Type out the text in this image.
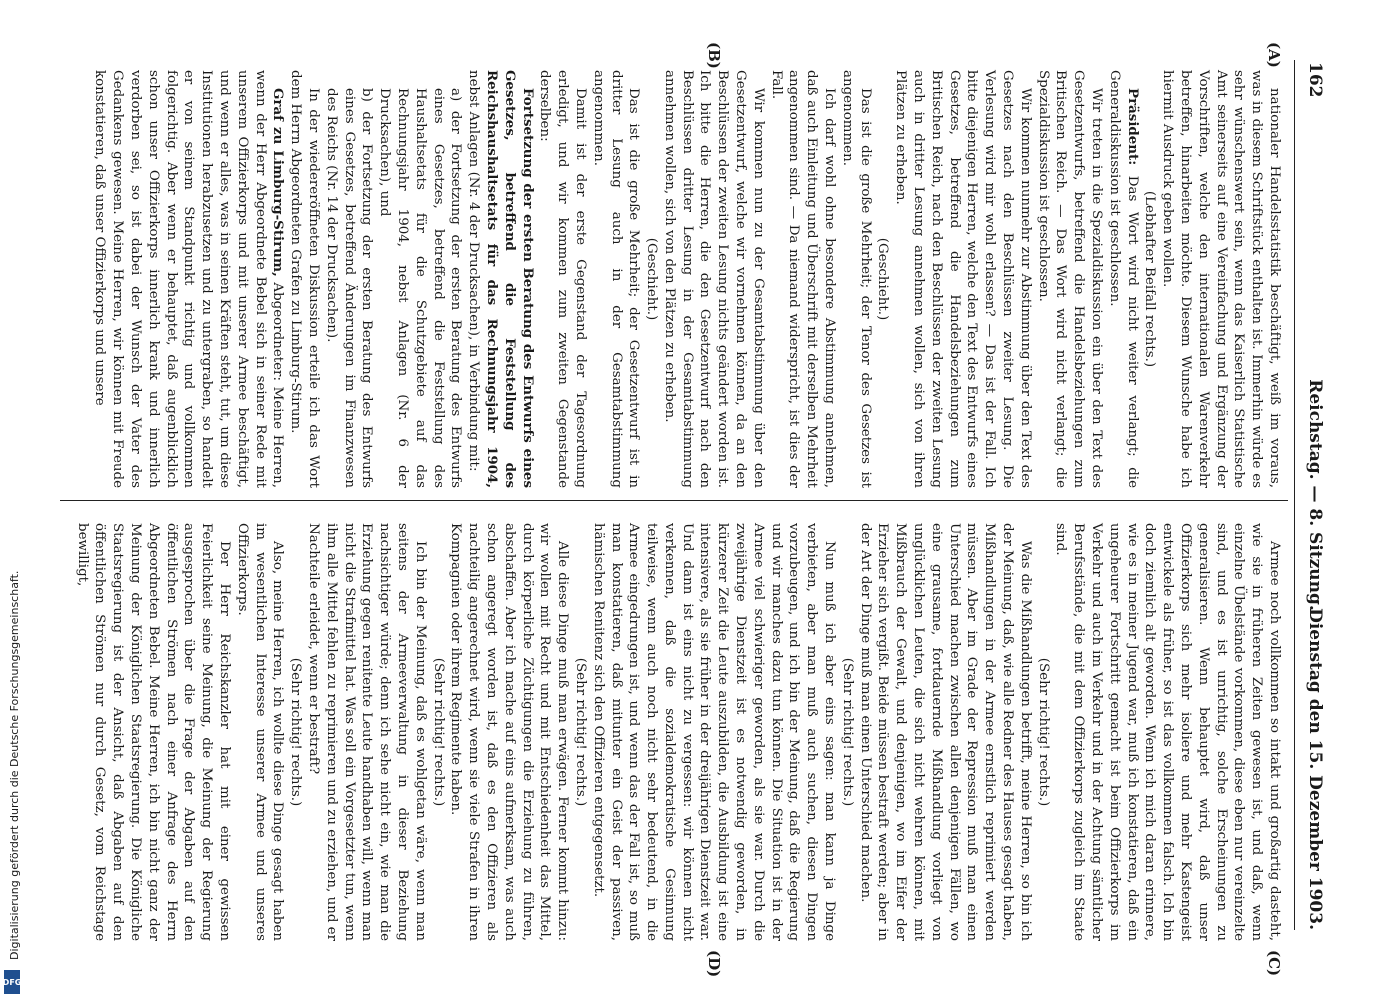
162
Reichstag. — 8. Sitzung.
Dienstag den 15. Dezember 1903.
(A)
(B)
(C)
(D)

nationaler Handelsstatistik beschäftigt, weiß im voraus, was in diesem Schriftstück enthalten ist. Immerhin würde es sehr wünschenswert sein, wenn das Kaiserlich Statistische Amt seinerseits auf eine Vereinfachung und Ergänzung der Vorschriften, welche den internationalen Warenverkehr betreffen, hinarbeiten möchte. Diesem Wunsche habe ich hiermit Ausdruck geben wollen.

(Lebhafter Beifall rechts.)

Präsident: Das Wort wird nicht weiter verlangt; die Generaldiskussion ist geschlossen.

Wir treten in die Spezialdiskussion ein über den Text des Gesetzentwurfs, betreffend die Handelsbeziehungen zum Britischen Reich. — Das Wort wird nicht verlangt; die Spezialdiskussion ist geschlossen.

Wir kommen nunmehr zur Abstimmung über den Text des Gesetzes nach den Beschlüssen zweiter Lesung. Die Verlesung wird mir wohl erlassen? — Das ist der Fall. Ich bitte diejenigen Herren, welche den Text des Entwurfs eines Gesetzes, betreffend die Handelsbeziehungen zum Britischen Reich, nach den Beschlüssen der zweiten Lesung auch in dritter Lesung annehmen wollen, sich von ihren Plätzen zu erheben.

(Geschieht.)

Das ist die große Mehrheit; der Tenor des Gesetzes ist angenommen.

Ich darf wohl ohne besondere Abstimmung annehmen, daß auch Einleitung und Überschrift mit derselben Mehrheit angenommen sind. — Da niemand widerspricht, ist dies der Fall.

Wir kommen nun zu der Gesamtabstimmung über den Gesetzentwurf, welche wir vornehmen können, da an den Beschlüssen der zweiten Lesung nichts geändert worden ist. Ich bitte die Herren, die den Gesetzentwurf nach den Beschlüssen dritter Lesung in der Gesamtabstimmung annehmen wollen, sich von den Plätzen zu erheben.

(Geschieht.)

Das ist die große Mehrheit; der Gesetzentwurf ist in dritter Lesung auch in der Gesamtabstimmung angenommen.

Damit ist der erste Gegenstand der Tagesordnung erledigt, und wir kommen zum zweiten Gegenstande derselben:

Fortsetzung der ersten Beratung des Entwurfs eines Gesetzes, betreffend die Feststellung des Reichshaushaltsetats für das Rechnungsjahr 1904, nebst Anlagen (Nr. 4 der Drucksachen), in Verbindung mit:

a) der Fortsetzung der ersten Beratung des Entwurfs eines Gesetzes, betreffend die Feststellung des Haushaltsetats für die Schutzgebiete auf das Rechnungsjahr 1904, nebst Anlagen (Nr. 6 der Drucksachen), und

b) der Fortsetzung der ersten Beratung des Entwurfs eines Gesetzes, betreffend Änderungen im Finanzwesen des Reichs (Nr. 14 der Drucksachen).

In der wiedereröffneten Diskussion erteile ich das Wort dem Herrn Abgeordneten Grafen zu Limburg-Stirum.

Graf zu Limburg-Stirum, Abgeordneter: Meine Herren, wenn der Herr Abgeordnete Bebel sich in seiner Rede mit unserem Offizierkorps und mit unserer Armee beschäftigt, und wenn er alles, was in seinen Kräften steht, tut, um diese Institutionen herabzusetzen und zu untergraben, so handelt er von seinem Standpunkt richtig und vollkommen folgerichtig. Aber wenn er behauptet, daß augenblicklich schon unser Offizierkorps innerlich krank und innerlich verdorben sei, so ist dabei der Wunsch der Vater des Gedankens gewesen. Meine Herren, wir können mit Freude konstatieren, daß unser Offizierkorps und unsere

Armee noch vollkommen so intakt und großartig dasteht, wie sie in früheren Zeiten gewesen ist, und daß, wenn einzelne Übelstände vorkommen, diese eben nur vereinzelte sind, und es ist unrichtig, solche Erscheinungen zu generalisieren. Wenn behauptet wird, daß unser Offizierkorps sich mehr isoliere und mehr Kastengeist entwickele als früher, so ist das vollkommen falsch. Ich bin doch ziemlich alt geworden. Wenn ich mich daran erinnere, wie es in meiner Jugend war, muß ich konstatieren, daß ein ungeheurer Fortschritt gemacht ist beim Offizierkorps im Verkehr und auch im Verkehr und in der Achtung sämtlicher Berufsstände, die mit dem Offizierkorps zugleich im Staate sind.

(Sehr richtig! rechts.)

Was die Mißhandlungen betrifft, meine Herren, so bin ich der Meinung, daß, wie alle Redner des Hauses gesagt haben, Mißhandlungen in der Armee ernstlich reprimiert werden müssen. Aber im Grade der Repression muß man einen Unterschied machen zwischen allen denjenigen Fällen, wo eine grausame, fortdauernde Mißhandlung vorliegt von unglücklichen Leuten, die sich nicht wehren können, mit Mißbrauch der Gewalt, und denjenigen, wo im Eifer der Erzieher sich vergißt. Beide müssen bestraft werden; aber in der Art der Dinge muß man einen Unterschied machen.

(Sehr richtig! rechts.)

Nun muß ich aber eins sagen: man kann ja Dinge verbieten, aber man muß auch suchen, diesen Dingen vorzubeugen, und ich bin der Meinung, daß die Regierung und wir manches dazu tun können. Die Situation ist in der Armee viel schwieriger geworden, als sie war. Durch die zweijährige Dienstzeit ist es notwendig geworden, in kürzerer Zeit die Leute auszubilden, die Ausbildung ist eine intensivere, als sie früher in der dreijährigen Dienstzeit war. Und dann ist eins nicht zu vergessen: wir können nicht verkennen, daß die sozialdemokratische Gesinnung teilweise, wenn auch noch nicht sehr bedeutend, in die Armee eingedrungen ist, und wenn das der Fall ist, so muß man konstatieren, daß mitunter ein Geist der passiven, hämischen Renitenz sich den Offizieren entgegensetzt.

(Sehr richtig! rechts.)

Alle diese Dinge muß man erwägen. Ferner kommt hinzu: wir wollen mit Recht und mit Entschiedenheit das Mittel, durch körperliche Züchtigungen die Erziehung zu führen, abschaffen. Aber ich mache auf eins aufmerksam, was auch schon angeregt worden ist, daß es den Offizieren als nachteilig angerechnet wird, wenn sie viele Strafen in ihren Kompagnien oder ihrem Regimente haben.

(Sehr richtig! rechts.)

Ich bin der Meinung, daß es wohlgetan wäre, wenn man seitens der Armeeverwaltung in dieser Beziehung nachsichtiger würde; denn ich sehe nicht ein, wie man die Erziehung gegen renitente Leute handhaben will, wenn man nicht die Strafmittel hat. Was soll ein Vorgesetzter tun, wenn ihm alle Mittel fehlen zu reprimieren und zu erziehen, und er Nachteile erleidet, wenn er bestraft?

(Sehr richtig! rechts.)

Also, meine Herren, ich wollte diese Dinge gesagt haben im wesentlichen Interesse unserer Armee und unseres Offizierkorps.

Der Herr Reichskanzler hat mit einer gewissen Feierlichkeit seine Meinung, die Meinung der Regierung ausgesprochen über die Frage der Abgaben auf den öffentlichen Strömen nach einer Anfrage des Herrn Abgeordneten Bebel. Meine Herren, ich bin nicht ganz der Meinung der Königlichen Staatsregierung. Die Königliche Staatsregierung ist der Ansicht, daß Abgaben auf den öffentlichen Strömen nur durch Gesetz, vom Reichstage bewilligt,

Digitalisierung gefördert durch die Deutsche Forschungsgemeinschaft.
DFG
